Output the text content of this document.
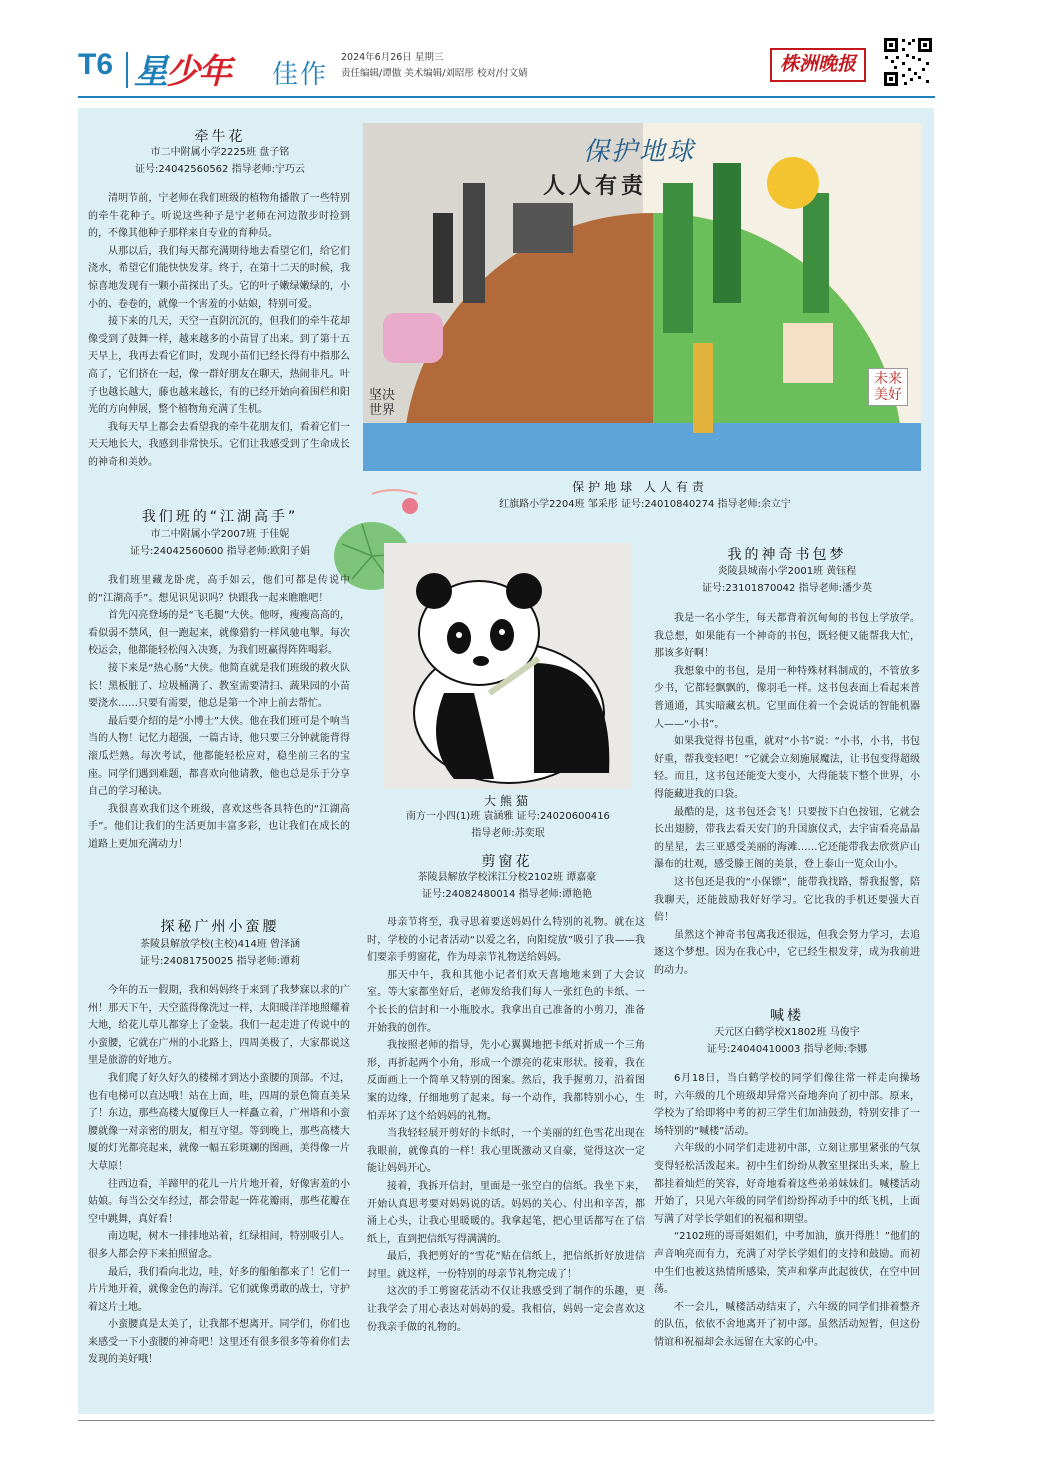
T6 星少年 佳作
2024年6月26日 星期三
责任编辑/谭傲 美术编辑/刘昭彤 校对/付文婧	株洲晚报
牵牛花
市二中附属小学2225班 盘子铭
证号:24042560562 指导老师:宁巧云

清明节前，宁老师在我们班级的植物角播散了一些特别的牵牛花种子。听说这些种子是宁老师在河边散步时捡到的，不像其他种子那样来自专业的育种员。

从那以后，我们每天都充满期待地去看望它们，给它们浇水，希望它们能快快发芽。终于，在第十二天的时候，我惊喜地发现有一颗小苗探出了头。它的叶子嫩绿嫩绿的，小小的、卷卷的，就像一个害羞的小姑娘，特别可爱。

接下来的几天，天空一直阴沉沉的，但我们的牵牛花却像受到了鼓舞一样，越来越多的小苗冒了出来。到了第十五天早上，我再去看它们时，发现小苗们已经长得有中指那么高了，它们挤在一起，像一群好朋友在聊天，热闹非凡。叶子也越长越大，藤也越来越长，有的已经开始向着围栏和阳光的方向伸展，整个植物角充满了生机。

我每天早上都会去看望我的牵牛花朋友们，看着它们一天天地长大，我感到非常快乐。它们让我感受到了生命成长的神奇和美妙。

保护地球
人人有责
坚决世界
未来美好
保护地球 人人有责
红旗路小学2204班 邹采彤 证号:24010840274 指导老师:余立宁
我们班的“江湖高手”
市二中附属小学2007班 于佳妮
证号:24042560600 指导老师:欧阳子娟

我们班里藏龙卧虎，高手如云，他们可都是传说中的“江湖高手”。想见识见识吗？快跟我一起来瞧瞧吧！

首先闪亮登场的是“飞毛腿”大侠。他呀，瘦瘦高高的，看似弱不禁风，但一跑起来，就像猎豹一样风驰电掣。每次校运会，他都能轻松闯入决赛，为我们班赢得阵阵喝彩。

接下来是“热心肠”大侠。他简直就是我们班级的救火队长！黑板脏了、垃圾桶满了、教室需要清扫、蔬果园的小苗要浇水……只要有需要，他总是第一个冲上前去帮忙。

最后要介绍的是“小博士”大侠。他在我们班可是个响当当的人物！记忆力超强，一篇古诗，他只要三分钟就能背得滚瓜烂熟。每次考试，他都能轻松应对，稳坐前三名的宝座。同学们遇到难题，都喜欢向他请教，他也总是乐于分享自己的学习秘诀。

我很喜欢我们这个班级，喜欢这些各具特色的“江湖高手”。他们让我们的生活更加丰富多彩，也让我们在成长的道路上更加充满动力！

大熊猫
南方一小四(1)班 袁涵雅 证号:24020600416
指导老师:苏奕珉
探秘广州小蛮腰
茶陵县解放学校(主校)414班 曾泽涵
证号:24081750025 指导老师:谭莉

今年的五一假期，我和妈妈终于来到了我梦寐以求的广州！那天下午，天空蓝得像洗过一样，太阳暖洋洋地照耀着大地，给花儿草儿都穿上了金装。我们一起走进了传说中的小蛮腰，它就在广州的小北路上，四周美极了，大家都说这里是旅游的好地方。

我们爬了好久好久的楼梯才到达小蛮腰的顶部。不过，也有电梯可以直达哦！站在上面，哇，四周的景色简直美呆了！东边，那些高楼大厦像巨人一样矗立着，广州塔和小蛮腰就像一对亲密的朋友，相互守望。等到晚上，那些高楼大厦的灯光都亮起来，就像一幅五彩斑斓的图画，美得像一片大草原！

往西边看，羊蹄甲的花儿一片片地开着，好像害羞的小姑娘。每当公交车经过，都会带起一阵花瓣雨，那些花瓣在空中跳舞，真好看！

南边呢，树木一排排地站着，红绿相间，特别吸引人。很多人都会停下来拍照留念。

最后，我们看向北边，哇，好多的船舶都来了！它们一片片地开着，就像金色的海洋。它们就像勇敢的战士，守护着这片土地。

小蛮腰真是太美了，让我都不想离开。同学们，你们也来感受一下小蛮腰的神奇吧！这里还有很多很多等着你们去发现的美好哦！

剪窗花
茶陵县解放学校洣江分校2102班 谭嘉豪
证号:24082480014 指导老师:谭艳艳

母亲节将至，我寻思着要送妈妈什么特别的礼物。就在这时，学校的小记者活动“以爱之名，向阳绽放”吸引了我——我们要亲手剪窗花，作为母亲节礼物送给妈妈。

那天中午，我和其他小记者们欢天喜地地来到了大会议室。等大家都坐好后，老师发给我们每人一张红色的卡纸、一个长长的信封和一小瓶胶水。我拿出自己准备的小剪刀，准备开始我的创作。

我按照老师的指导，先小心翼翼地把卡纸对折成一个三角形，再折起两个小角，形成一个漂亮的花束形状。接着，我在反面画上一个简单又特别的图案。然后，我手握剪刀，沿着图案的边缘，仔细地剪了起来。每一个动作，我都特别小心，生怕弄坏了这个给妈妈的礼物。

当我轻轻展开剪好的卡纸时，一个美丽的红色雪花出现在我眼前，就像真的一样！我心里既激动又自豪，觉得这次一定能让妈妈开心。

接着，我拆开信封，里面是一张空白的信纸。我坐下来，开始认真思考要对妈妈说的话。妈妈的关心、付出和辛苦，都涌上心头，让我心里暖暖的。我拿起笔，把心里话都写在了信纸上，直到把信纸写得满满的。

最后，我把剪好的“雪花”贴在信纸上，把信纸折好放进信封里。就这样，一份特别的母亲节礼物完成了！

这次的手工剪窗花活动不仅让我感受到了制作的乐趣，更让我学会了用心表达对妈妈的爱。我相信，妈妈一定会喜欢这份我亲手做的礼物的。

我的神奇书包梦
炎陵县城南小学2001班 黄钰程
证号:23101870042 指导老师:潘少英

我是一名小学生，每天都背着沉甸甸的书包上学放学。我总想，如果能有一个神奇的书包，既轻便又能帮我大忙，那该多好啊！

我想象中的书包，是用一种特殊材料制成的，不管放多少书，它都轻飘飘的，像羽毛一样。这书包表面上看起来普普通通，其实暗藏玄机。它里面住着一个会说话的智能机器人——“小书”。

如果我觉得书包重，就对“小书”说：“小书，小书，书包好重，帮我变轻吧！”它就会立刻施展魔法，让书包变得超级轻。而且，这书包还能变大变小，大得能装下整个世界，小得能藏进我的口袋。

最酷的是，这书包还会飞！只要按下白色按钮，它就会长出翅膀，带我去看天安门的升国旗仪式，去宇宙看亮晶晶的星星，去三亚感受美丽的海滩……它还能带我去欣赏庐山瀑布的壮观，感受滕王阁的美景，登上泰山一览众山小。

这书包还是我的“小保镖”，能带我找路，帮我报警，陪我聊天，还能鼓励我好好学习。它比我的手机还要强大百倍！

虽然这个神奇书包离我还很远，但我会努力学习，去追逐这个梦想。因为在我心中，它已经生根发芽，成为我前进的动力。

喊楼
天元区白鹤学校X1802班 马俊宇
证号:24040410003 指导老师:李娜

6月18日，当白鹤学校的同学们像往常一样走向操场时，六年级的几个班级却异常兴奋地奔向了初中部。原来，学校为了给即将中考的初三学生们加油鼓劲，特别安排了一场特别的“喊楼”活动。

六年级的小同学们走进初中部，立刻让那里紧张的气氛变得轻松活泼起来。初中生们纷纷从教室里探出头来，脸上都挂着灿烂的笑容，好奇地看着这些弟弟妹妹们。喊楼活动开始了，只见六年级的同学们纷纷挥动手中的纸飞机，上面写满了对学长学姐们的祝福和期望。

“2102班的哥哥姐姐们，中考加油，旗开得胜！”他们的声音响亮而有力，充满了对学长学姐们的支持和鼓励。而初中生们也被这热情所感染，笑声和掌声此起彼伏，在空中回荡。

不一会儿，喊楼活动结束了，六年级的同学们排着整齐的队伍，依依不舍地离开了初中部。虽然活动短暂，但这份情谊和祝福却会永远留在大家的心中。
